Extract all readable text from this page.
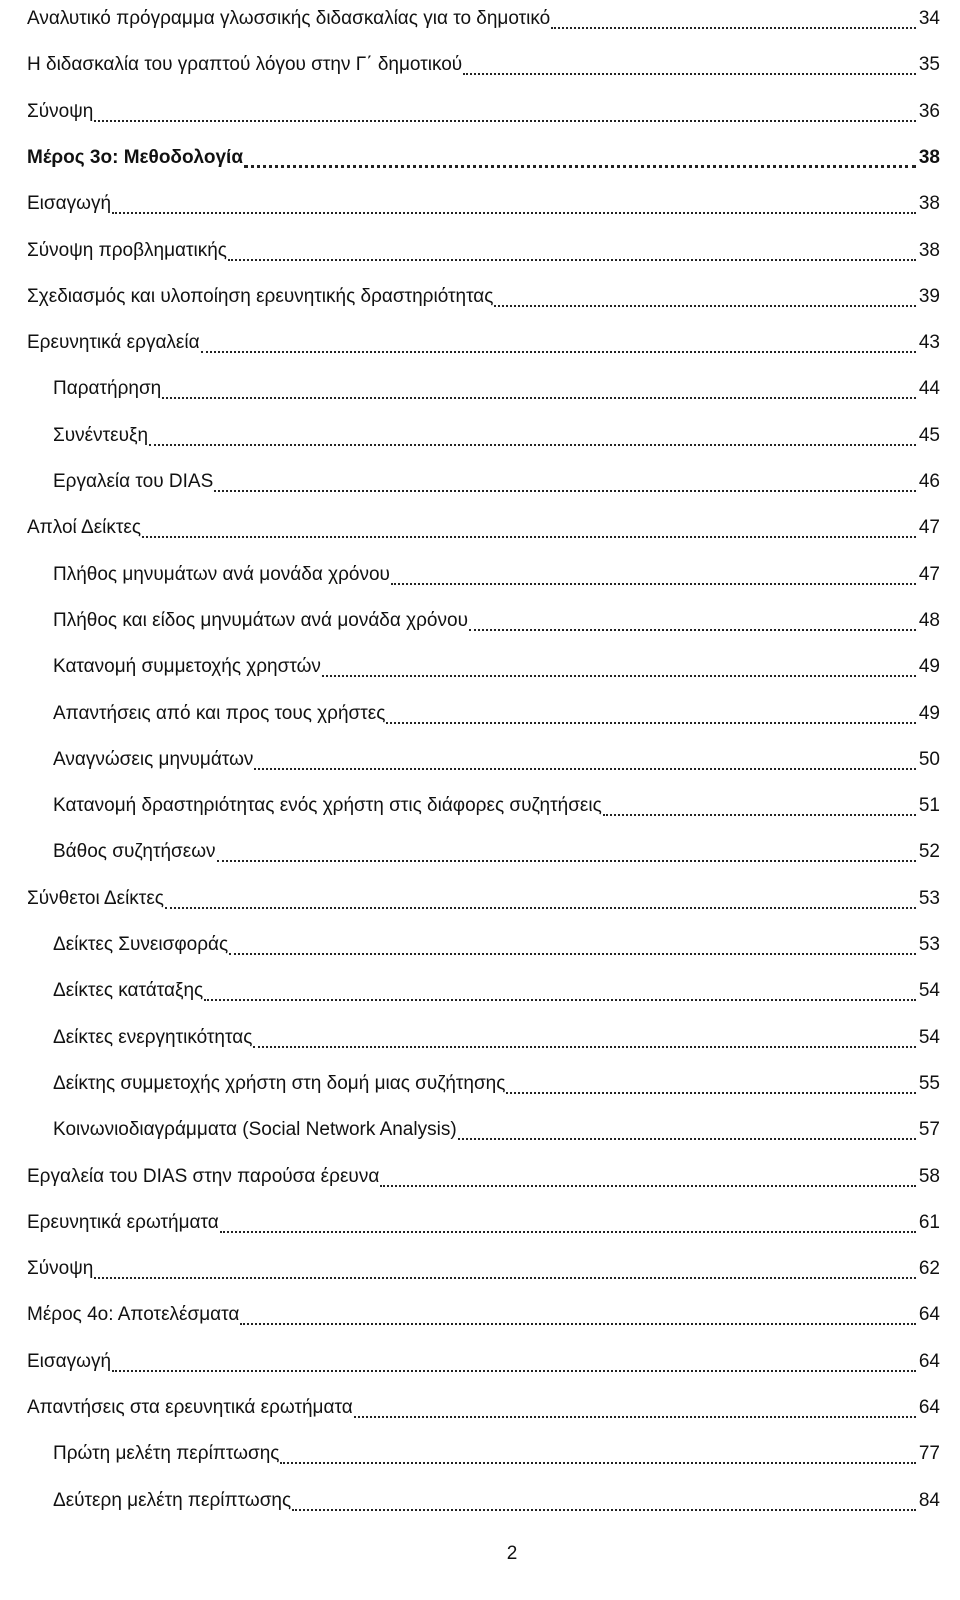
Αναλυτικό πρόγραμμα γλωσσικής διδασκαλίας για το δημοτικό	34
Η διδασκαλία του γραπτού λόγου στην Γ΄ δημοτικού	35
Σύνοψη	36
Μέρος 3ο: Μεθοδολογία	38
Εισαγωγή	38
Σύνοψη προβληματικής	38
Σχεδιασμός και υλοποίηση ερευνητικής δραστηριότητας	39
Ερευνητικά εργαλεία	43
Παρατήρηση	44
Συνέντευξη	45
Εργαλεία του DIAS	46
Απλοί Δείκτες	47
Πλήθος μηνυμάτων ανά μονάδα χρόνου	47
Πλήθος και είδος μηνυμάτων ανά μονάδα χρόνου	48
Κατανομή συμμετοχής χρηστών	49
Απαντήσεις από και προς τους χρήστες	49
Αναγνώσεις μηνυμάτων	50
Κατανομή δραστηριότητας ενός χρήστη στις διάφορες συζητήσεις	51
Βάθος συζητήσεων	52
Σύνθετοι Δείκτες	53
Δείκτες Συνεισφοράς	53
Δείκτες κατάταξης	54
Δείκτες ενεργητικότητας	54
Δείκτης συμμετοχής χρήστη στη δομή μιας συζήτησης	55
Κοινωνιοδιαγράμματα (Social Network Analysis)	57
Εργαλεία του DIAS στην παρούσα έρευνα	58
Ερευνητικά ερωτήματα	61
Σύνοψη	62
Μέρος 4ο: Αποτελέσματα	64
Εισαγωγή	64
Απαντήσεις στα ερευνητικά ερωτήματα	64
Πρώτη μελέτη περίπτωσης	77
Δεύτερη μελέτη περίπτωσης	84
2
